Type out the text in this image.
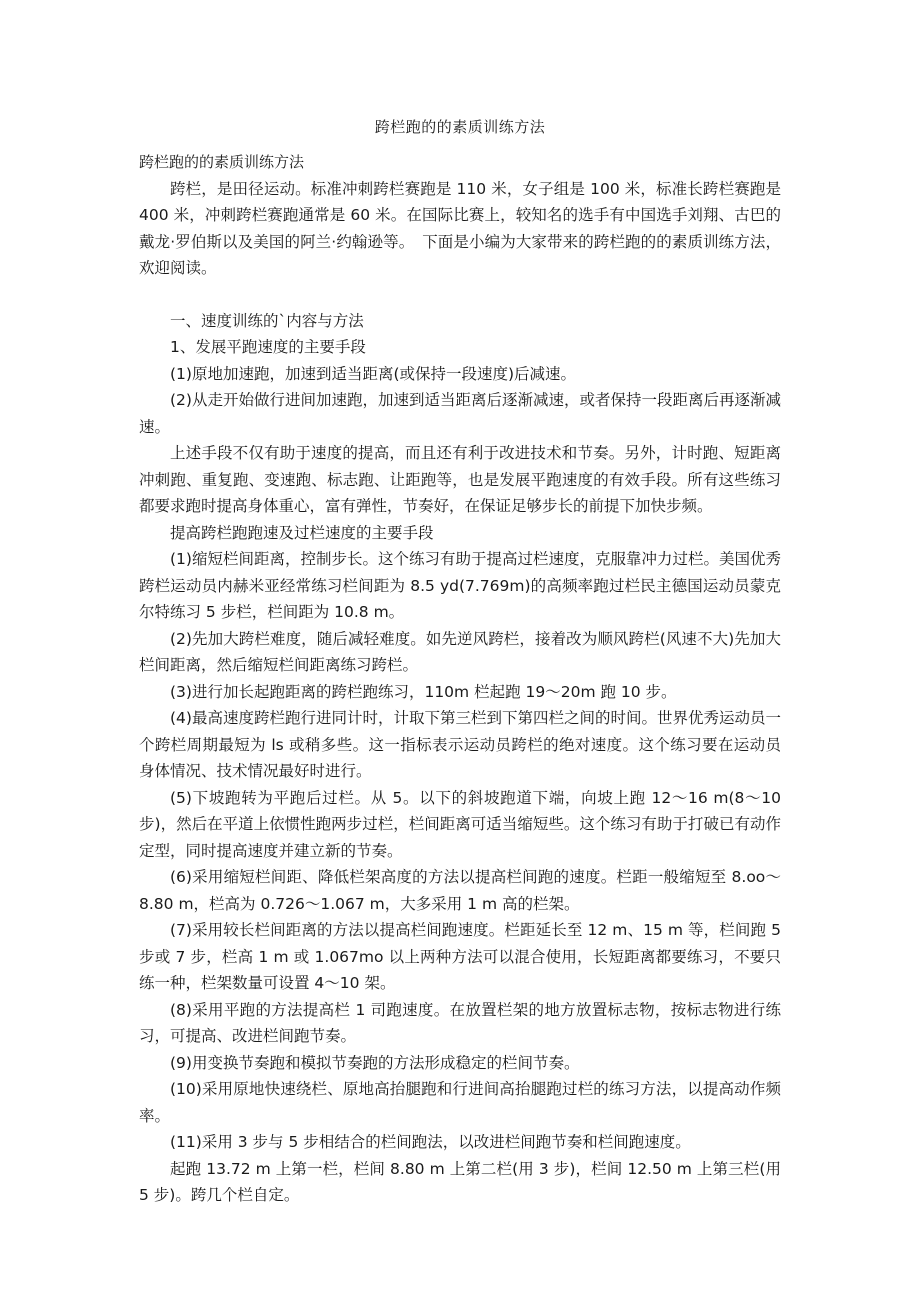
跨栏跑的的素质训练方法

跨栏跑的的素质训练方法

跨栏，是田径运动。标准冲刺跨栏赛跑是 110 米，女子组是 100 米，标准长跨栏赛跑是 400 米，冲刺跨栏赛跑通常是 60 米。在国际比赛上，较知名的选手有中国选手刘翔、古巴的戴龙·罗伯斯以及美国的阿兰·约翰逊等。　下面是小编为大家带来的跨栏跑的的素质训练方法，欢迎阅读。

一、速度训练的`内容与方法

1、发展平跑速度的主要手段

(1)原地加速跑，加速到适当距离(或保持一段速度)后减速。

(2)从走开始做行进间加速跑，加速到适当距离后逐渐减速，或者保持一段距离后再逐渐减速。

上述手段不仅有助于速度的提高，而且还有利于改进技术和节奏。另外，计时跑、短距离冲刺跑、重复跑、变速跑、标志跑、让距跑等，也是发展平跑速度的有效手段。所有这些练习都要求跑时提高身体重心，富有弹性，节奏好，在保证足够步长的前提下加快步频。

提高跨栏跑跑速及过栏速度的主要手段

(1)缩短栏间距离，控制步长。这个练习有助于提高过栏速度，克服靠冲力过栏。美国优秀跨栏运动员内赫米亚经常练习栏间距为 8.5 yd(7.769m)的高频率跑过栏民主德国运动员蒙克尔特练习 5 步栏，栏间距为 10.8 m。

(2)先加大跨栏难度，随后减轻难度。如先逆风跨栏，接着改为顺风跨栏(风速不大)先加大栏间距离，然后缩短栏间距离练习跨栏。

(3)进行加长起跑距离的跨栏跑练习，110m 栏起跑 19～20m 跑 10 步。

(4)最高速度跨栏跑行进同计时，计取下第三栏到下第四栏之间的时间。世界优秀运动员一个跨栏周期最短为 ls 或稍多些。这一指标表示运动员跨栏的绝对速度。这个练习要在运动员身体情况、技术情况最好时进行。

(5)下坡跑转为平跑后过栏。从 5。以下的斜坡跑道下端，向坡上跑 12～16 m(8～10 步)，然后在平道上依惯性跑两步过栏，栏间距离可适当缩短些。这个练习有助于打破已有动作定型，同时提高速度并建立新的节奏。

(6)采用缩短栏间距、降低栏架高度的方法以提高栏间跑的速度。栏距一般缩短至 8.oo～8.80 m，栏高为 0.726～1.067 m，大多采用 1 m 高的栏架。

(7)采用较长栏间距离的方法以提高栏间跑速度。栏距延长至 12 m、15 m 等，栏间跑 5 步或 7 步，栏高 1 m 或 1.067mo 以上两种方法可以混合使用，长短距离都要练习，不要只练一种，栏架数量可设置 4～10 架。

(8)采用平跑的方法提高栏 1 司跑速度。在放置栏架的地方放置标志物，按标志物进行练习，可提高、改进栏间跑节奏。

(9)用变换节奏跑和模拟节奏跑的方法形成稳定的栏间节奏。

(10)采用原地快速绕栏、原地高抬腿跑和行进间高抬腿跑过栏的练习方法，以提高动作频率。

(11)采用 3 步与 5 步相结合的栏间跑法，以改进栏间跑节奏和栏间跑速度。

起跑 13.72 m 上第一栏，栏间 8.80 m 上第二栏(用 3 步)，栏间 12.50 m 上第三栏(用 5 步)。跨几个栏自定。
